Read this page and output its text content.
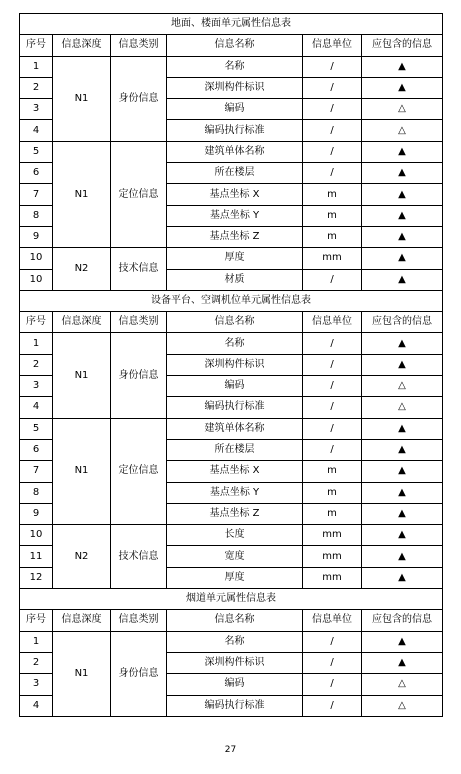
地面、楼面单元属性信息表					
序号	信息深度	信息类别	信息名称	信息单位	应包含的信息
1	N1	身份信息	名称	/	▲
2			深圳构件标识	/	▲
3			编码	/	△
4			编码执行标准	/	△
5	N1	定位信息	建筑单体名称	/	▲
6			所在楼层	/	▲
7			基点坐标 X	m	▲
8			基点坐标 Y	m	▲
9			基点坐标 Z	m	▲
10	N2	技术信息	厚度	mm	▲
10			材质	/	▲
设备平台、空调机位单元属性信息表					
序号	信息深度	信息类别	信息名称	信息单位	应包含的信息
1	N1	身份信息	名称	/	▲
2			深圳构件标识	/	▲
3			编码	/	△
4			编码执行标准	/	△
5	N1	定位信息	建筑单体名称	/	▲
6			所在楼层	/	▲
7			基点坐标 X	m	▲
8			基点坐标 Y	m	▲
9			基点坐标 Z	m	▲
10	N2	技术信息	长度	mm	▲
11			宽度	mm	▲
12			厚度	mm	▲
烟道单元属性信息表					
序号	信息深度	信息类别	信息名称	信息单位	应包含的信息
1	N1	身份信息	名称	/	▲
2			深圳构件标识	/	▲
3			编码	/	△
4			编码执行标准	/	△
27
